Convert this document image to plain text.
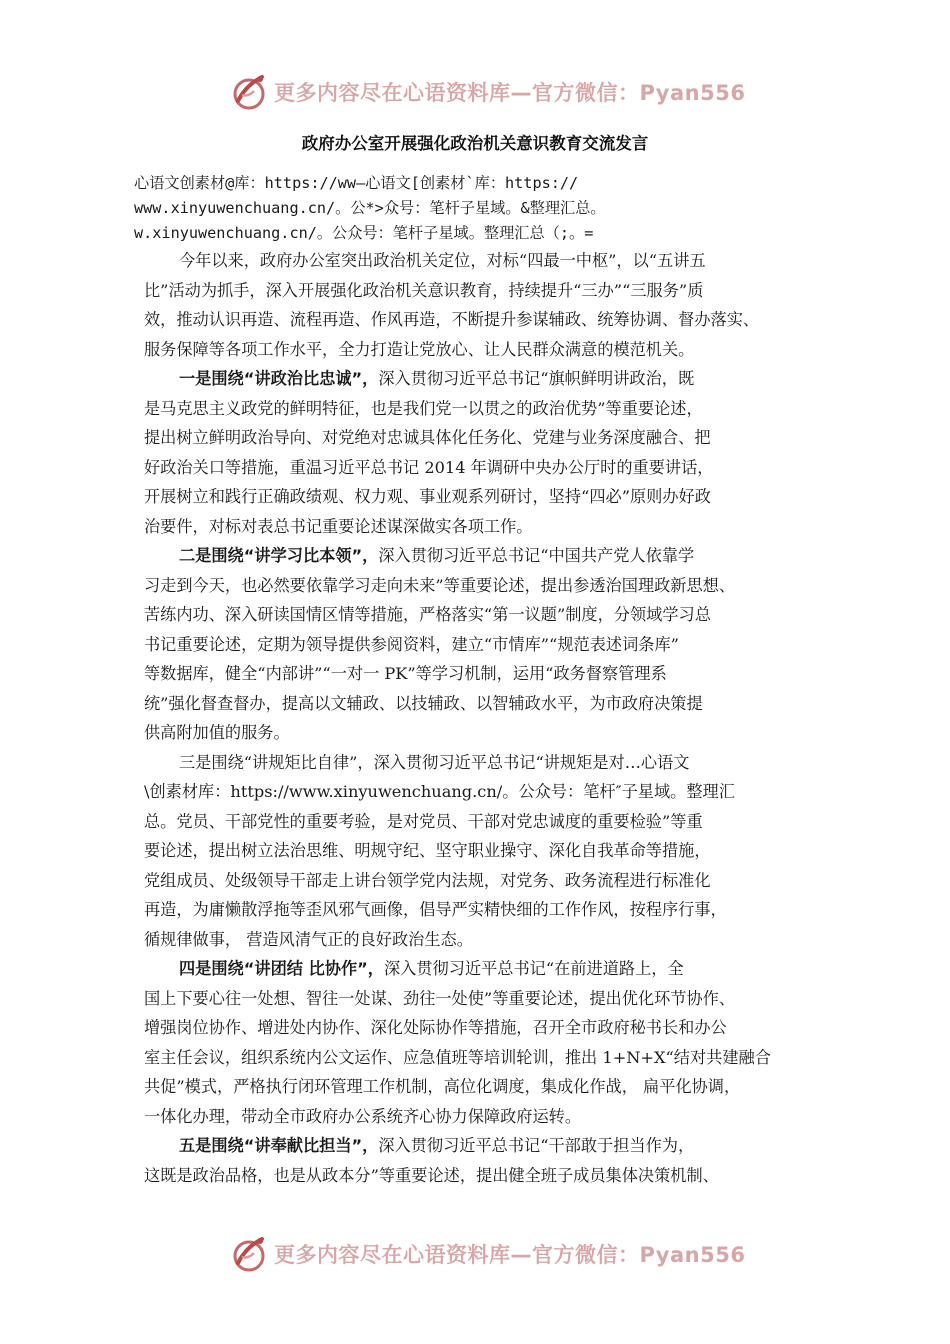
更多内容尽在心语资料库—官方微信：Pyan556
政府办公室开展强化政治机关意识教育交流发言
心语文创素材@库：https://ww—心语文[创素材`库：https://
www.xinyuwenchuang.cn/。公*>众号：笔杆子星域。&整理汇总。
w.xinyuwenchuang.cn/。公众号：笔杆子星域。整理汇总（;。=
今年以来，政府办公室突出政治机关定位，对标“四最一中枢”，以“五讲五
比”活动为抓手，深入开展强化政治机关意识教育，持续提升“三办”“三服务”质
效，推动认识再造、流程再造、作风再造，不断提升参谋辅政、统筹协调、督办落实、
服务保障等各项工作水平，全力打造让党放心、让人民群众满意的模范机关。
一是围绕“讲政治比忠诚”，深入贯彻习近平总书记“旗帜鲜明讲政治，既
是马克思主义政党的鲜明特征，也是我们党一以贯之的政治优势”等重要论述，
提出树立鲜明政治导向、对党绝对忠诚具体化任务化、党建与业务深度融合、把
好政治关口等措施，重温习近平总书记 2014 年调研中央办公厅时的重要讲话，
开展树立和践行正确政绩观、权力观、事业观系列研讨，坚持“四必”原则办好政
治要件，对标对表总书记重要论述谋深做实各项工作。
二是围绕“讲学习比本领”，深入贯彻习近平总书记“中国共产党人依靠学
习走到今天，也必然要依靠学习走向未来”等重要论述，提出参透治国理政新思想、
苦练内功、深入研读国情区情等措施，严格落实“第一议题”制度，分领域学习总
书记重要论述，定期为领导提供参阅资料，建立“市情库”“规范表述词条库”
等数据库，健全“内部讲”“一对一 PK”等学习机制，运用“政务督察管理系
统”强化督查督办，提高以文辅政、以技辅政、以智辅政水平，为市政府决策提
供高附加值的服务。
三是围绕“讲规矩比自律”，深入贯彻习近平总书记“讲规矩是对…心语文
\创素材库：https://www.xinyuwenchuang.cn/。公众号：笔杆″子星域。整理汇
总。党员、干部党性的重要考验，是对党员、干部对党忠诚度的重要检验”等重
要论述，提出树立法治思维、明规守纪、坚守职业操守、深化自我革命等措施，
党组成员、处级领导干部走上讲台领学党内法规，对党务、政务流程进行标准化
再造，为庸懒散浮拖等歪风邪气画像，倡导严实精快细的工作作风，按程序行事，
循规律做事， 营造风清气正的良好政治生态。
四是围绕“讲团结 比协作”，深入贯彻习近平总书记“在前进道路上，全
国上下要心往一处想、智往一处谋、劲往一处使”等重要论述，提出优化环节协作、
增强岗位协作、增进处内协作、深化处际协作等措施，召开全市政府秘书长和办公
室主任会议，组织系统内公文运作、应急值班等培训轮训，推出 1+N+X“结对共建融合
共促”模式，严格执行闭环管理工作机制，高位化调度，集成化作战， 扁平化协调，
一体化办理，带动全市政府办公系统齐心协力保障政府运转。
五是围绕“讲奉献比担当”，深入贯彻习近平总书记“干部敢于担当作为，
这既是政治品格，也是从政本分”等重要论述，提出健全班子成员集体决策机制、
更多内容尽在心语资料库—官方微信：Pyan556
